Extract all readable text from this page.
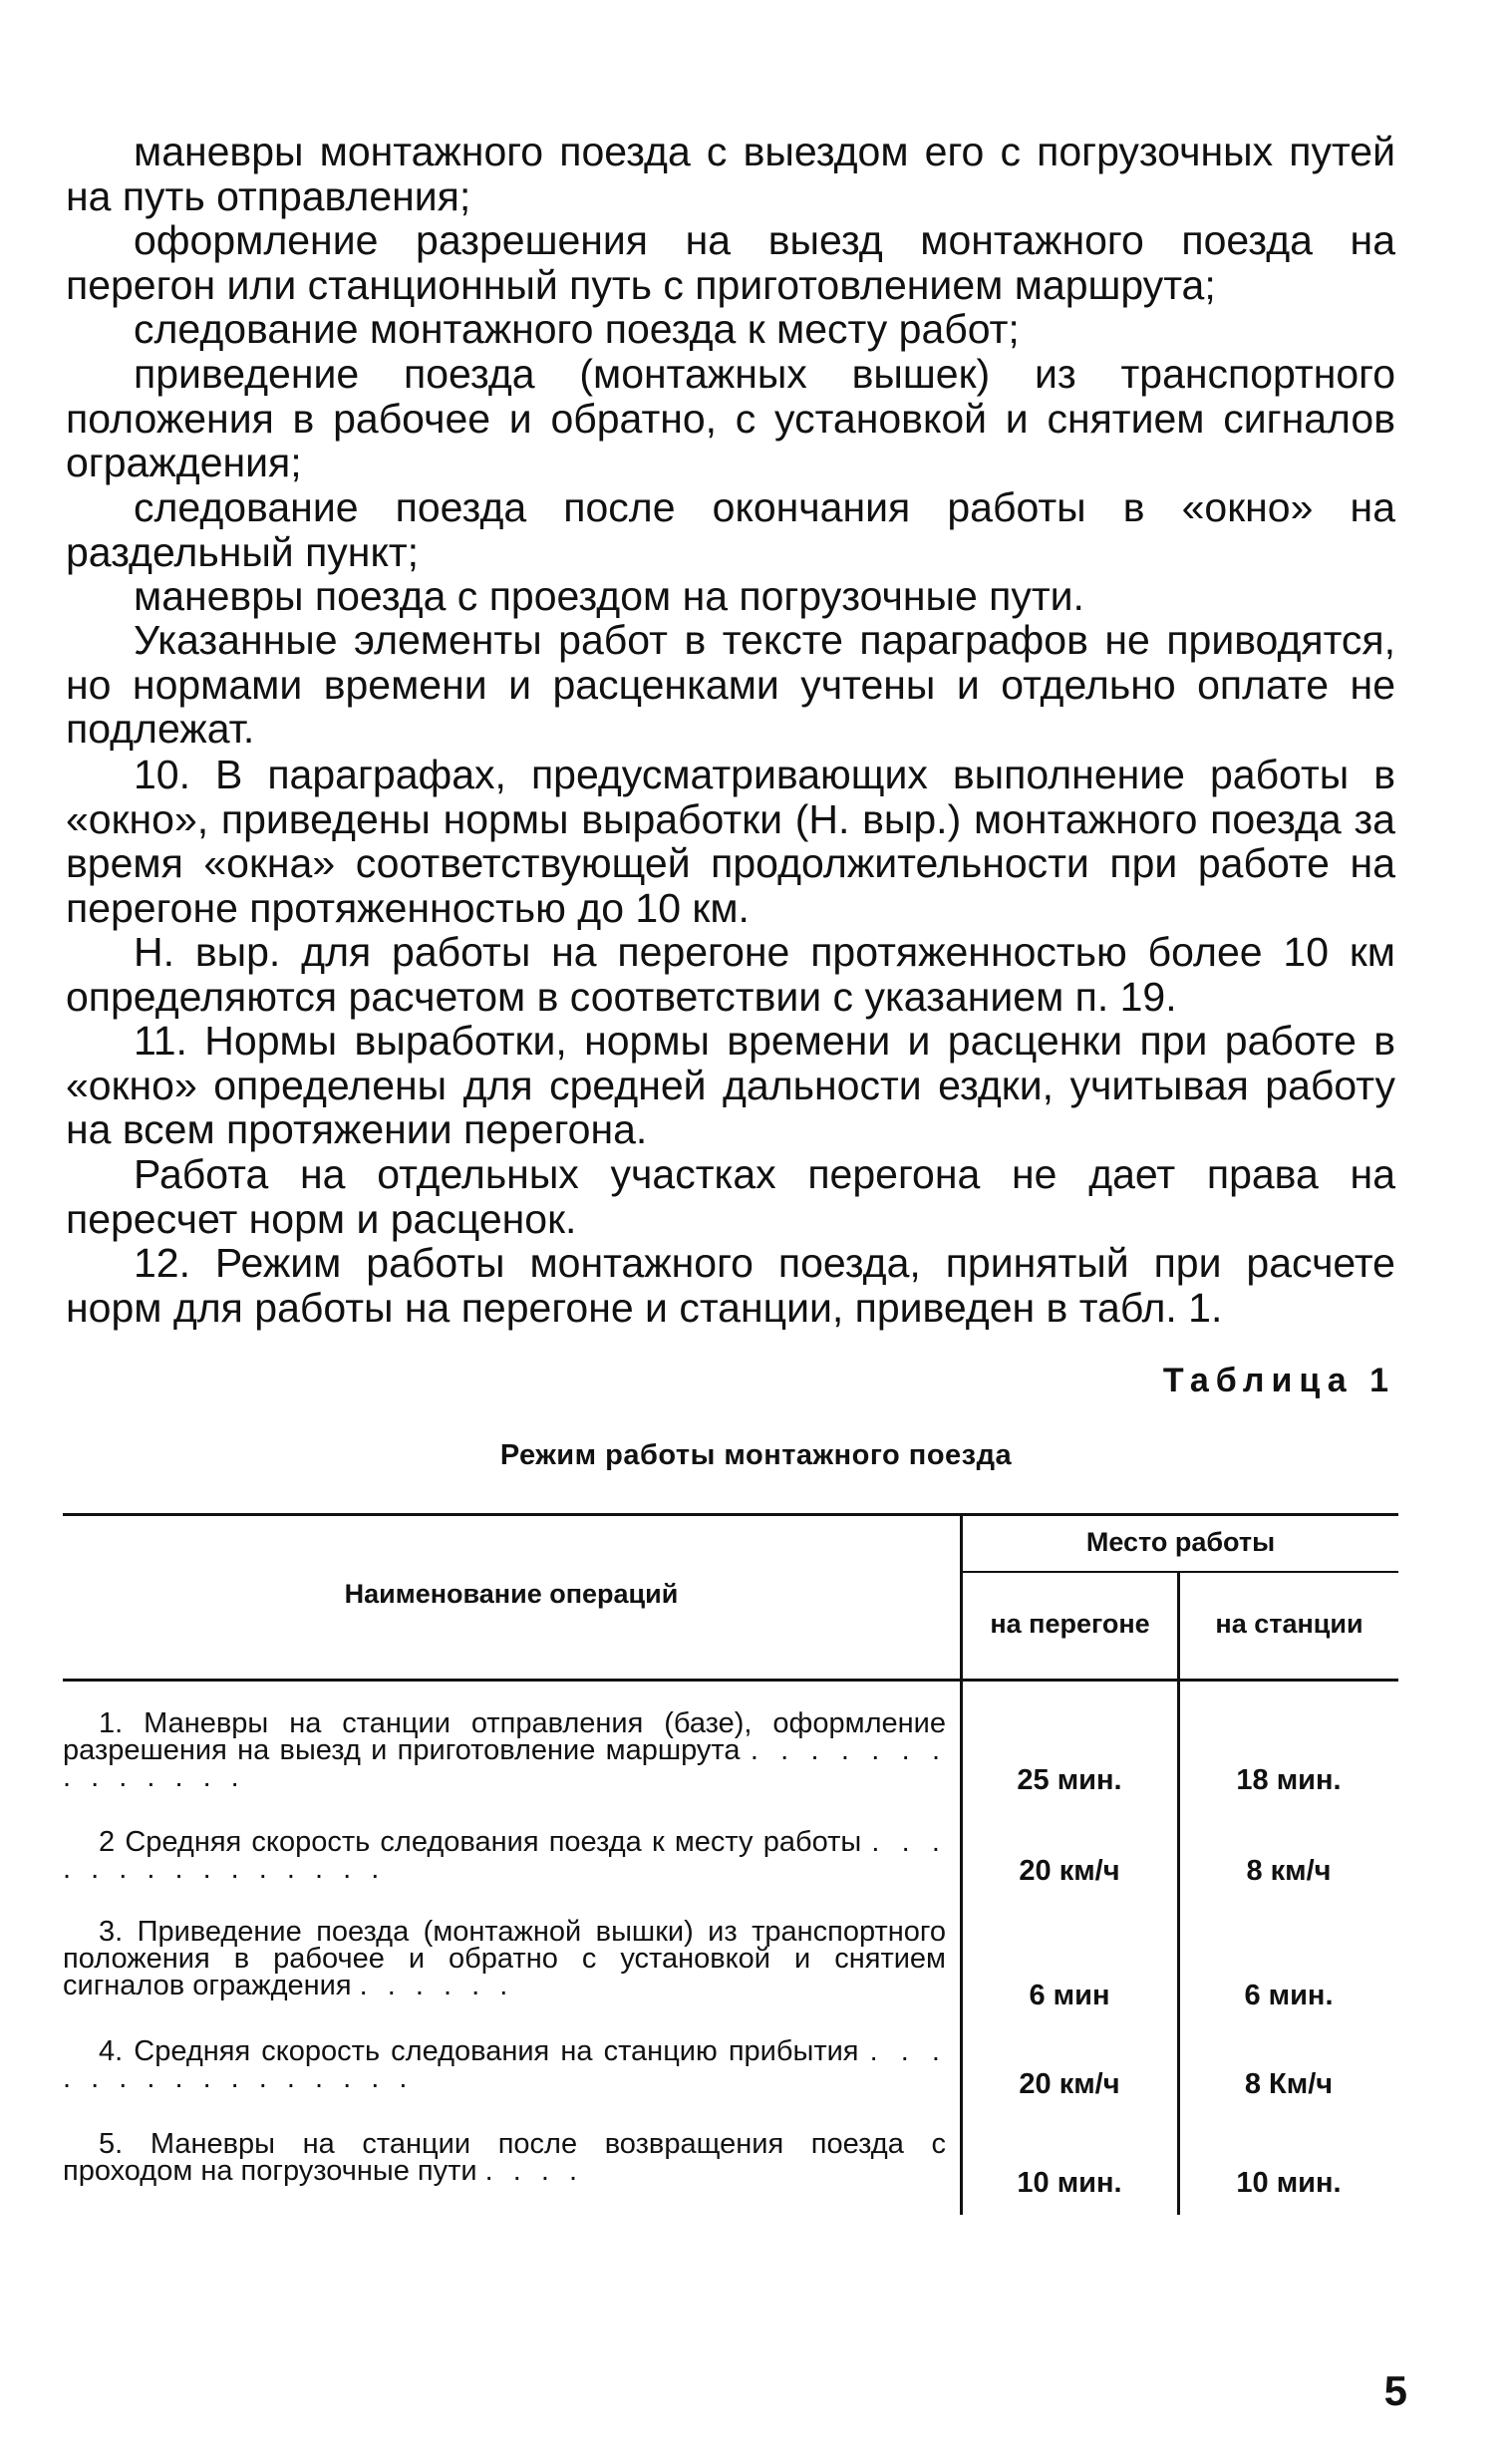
маневры монтажного поезда с выездом его с погрузочных путей на путь отправления;

оформление разрешения на выезд монтажного поезда на перегон или станционный путь с приготовлением маршрута;

следование монтажного поезда к месту работ;

приведение поезда (монтажных вышек) из транспортного положения в рабочее и обратно, с установкой и снятием сигналов ограждения;

следование поезда после окончания работы в «окно» на раздельный пункт;

маневры поезда с проездом на погрузочные пути.

Указанные элементы работ в тексте параграфов не приводятся, но нормами времени и расценками учтены и отдельно оплате не подлежат.

10. В параграфах, предусматривающих выполнение работы в «окно», приведены нормы выработки (Н. выр.) монтажного поезда за время «окна» соответствующей продолжительности при работе на перегоне протяженностью до 10 км.

Н. выр. для работы на перегоне протяженностью более 10 км определяются расчетом в соответствии с указанием п. 19.

11. Нормы выработки, нормы времени и расценки при работе в «окно» определены для средней дальности ездки, учитывая работу на всем протяжении перегона.

Работа на отдельных участках перегона не дает права на пересчет норм и расценок.

12. Режим работы монтажного поезда, принятый при расчете норм для работы на перегоне и станции, приведен в табл. 1.

Таблица 1
Режим работы монтажного поезда
Наименование операций
Место работы
на перегоне	на станции
1. Маневры на станции отправления (базе), оформление разрешения на выезд и приготовление маршрута . . . . . . . . . . . . . .	25 мин.	18 мин.
2 Средняя скорость следования поезда к месту работы . . . . . . . . . . . . . . .	20 км/ч	8 км/ч
3. Приведение поезда (монтажной вышки) из транспортного положения в рабочее и обратно с установкой и снятием сигналов ограждения . . . . . .	6 мин	6 мин.
4. Средняя скорость следования на станцию прибытия . . . . . . . . . . . . . . . .	20 км/ч	8 Км/ч
5. Маневры на станции после возвращения поезда с проходом на погрузочные пути . . . .	10 мин.	10 мин.
5
